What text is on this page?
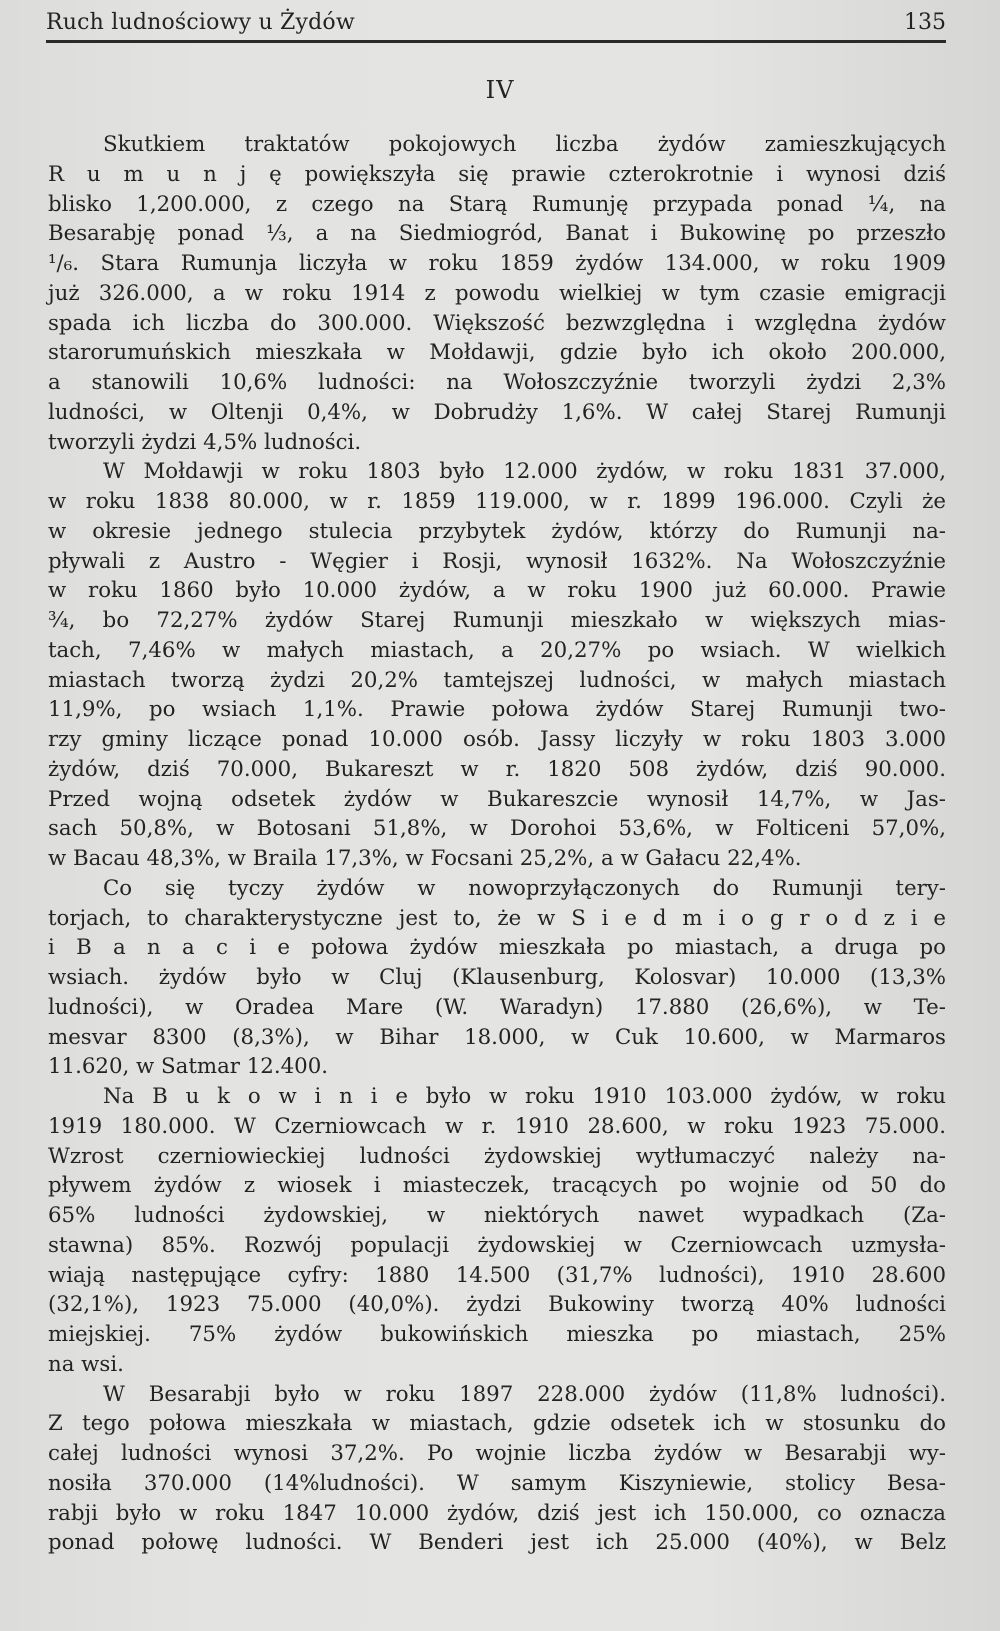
Ruch ludnościowy u Żydów	135
IV
Skutkiem traktatów pokojowych liczba żydów zamieszkujących
R u m u n j ę powiększyła się prawie czterokrotnie i wynosi dziś
blisko 1,200.000, z czego na Starą Rumunję przypada ponad ¼, na
Besarabję ponad ⅓, a na Siedmiogród, Banat i Bukowinę po przeszło
¹/₆. Stara Rumunja liczyła w roku 1859 żydów 134.000, w roku 1909
już 326.000, a w roku 1914 z powodu wielkiej w tym czasie emigracji
spada ich liczba do 300.000. Większość bezwzględna i względna żydów
starorumuńskich mieszkała w Mołdawji, gdzie było ich około 200.000,
a stanowili 10,6% ludności: na Wołoszczyźnie tworzyli żydzi 2,3%
ludności, w Oltenji 0,4%, w Dobrudży 1,6%. W całej Starej Rumunji
tworzyli żydzi 4,5% ludności.
W Mołdawji w roku 1803 było 12.000 żydów, w roku 1831 37.000,
w roku 1838 80.000, w r. 1859 119.000, w r. 1899 196.000. Czyli że
w okresie jednego stulecia przybytek żydów, którzy do Rumunji na-
pływali z Austro - Węgier i Rosji, wynosił 1632%. Na Wołoszczyźnie
w roku 1860 było 10.000 żydów, a w roku 1900 już 60.000. Prawie
¾, bo 72,27% żydów Starej Rumunji mieszkało w większych mias-
tach, 7,46% w małych miastach, a 20,27% po wsiach. W wielkich
miastach tworzą żydzi 20,2% tamtejszej ludności, w małych miastach
11,9%, po wsiach 1,1%. Prawie połowa żydów Starej Rumunji two-
rzy gminy liczące ponad 10.000 osób. Jassy liczyły w roku 1803 3.000
żydów, dziś 70.000, Bukareszt w r. 1820 508 żydów, dziś 90.000.
Przed wojną odsetek żydów w Bukareszcie wynosił 14,7%, w Jas-
sach 50,8%, w Botosani 51,8%, w Dorohoi 53,6%, w Folticeni 57,0%,
w Bacau 48,3%, w Braila 17,3%, w Focsani 25,2%, a w Gałacu 22,4%.
Co się tyczy żydów w nowoprzyłączonych do Rumunji tery-
torjach, to charakterystyczne jest to, że w S i e d m i o g r o d z i e
i B a n a c i e połowa żydów mieszkała po miastach, a druga po
wsiach. żydów było w Cluj (Klausenburg, Kolosvar) 10.000 (13,3%
ludności), w Oradea Mare (W. Waradyn) 17.880 (26,6%), w Te-
mesvar 8300 (8,3%), w Bihar 18.000, w Cuk 10.600, w Marmaros
11.620, w Satmar 12.400.
Na B u k o w i n i e było w roku 1910 103.000 żydów, w roku
1919 180.000. W Czerniowcach w r. 1910 28.600, w roku 1923 75.000.
Wzrost czerniowieckiej ludności żydowskiej wytłumaczyć należy na-
pływem żydów z wiosek i miasteczek, tracących po wojnie od 50 do
65% ludności żydowskiej, w niektórych nawet wypadkach (Za-
stawna) 85%. Rozwój populacji żydowskiej w Czerniowcach uzmysła-
wiają następujące cyfry: 1880 14.500 (31,7% ludności), 1910 28.600
(32,1%), 1923 75.000 (40,0%). żydzi Bukowiny tworzą 40% ludności
miejskiej. 75% żydów bukowińskich mieszka po miastach, 25%
na wsi.
W Besarabji było w roku 1897 228.000 żydów (11,8% ludności).
Z tego połowa mieszkała w miastach, gdzie odsetek ich w stosunku do
całej ludności wynosi 37,2%. Po wojnie liczba żydów w Besarabji wy-
nosiła 370.000 (14%ludności). W samym Kiszyniewie, stolicy Besa-
rabji było w roku 1847 10.000 żydów, dziś jest ich 150.000, co oznacza
ponad połowę ludności. W Benderi jest ich 25.000 (40%), w Belz
